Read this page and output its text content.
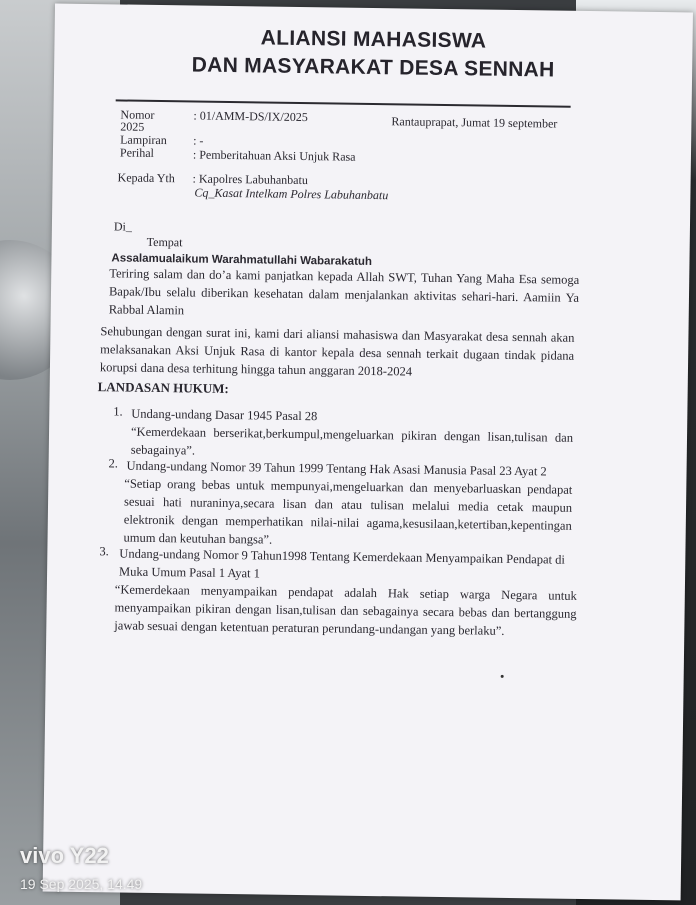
ALIANSI MAHASISWA
DAN MASYARAKAT DESA SENNAH
Nomor	: 01/AMM-DS/IX/2025	Rantauprapat, Jumat 19 september
2025
Lampiran : -
Perihal	: Pemberitahuan Aksi Unjuk Rasa
Kepada Yth : Kapolres Labuhanbatu
Cq_Kasat Intelkam Polres Labuhanbatu
Di_
Tempat
Assalamualaikum Warahmatullahi Wabarakatuh
Teriring salam dan do’a kami panjatkan kepada Allah SWT, Tuhan Yang Maha Esa semoga Bapak/Ibu selalu diberikan kesehatan dalam menjalankan aktivitas sehari-hari. Aamiin Ya Rabbal Alamin
Sehubungan dengan surat ini, kami dari aliansi mahasiswa dan Masyarakat desa sennah akan melaksanakan Aksi Unjuk Rasa di kantor kepala desa sennah terkait dugaan tindak pidana korupsi dana desa terhitung hingga tahun anggaran 2018-2024
LANDASAN HUKUM:
1. Undang-undang Dasar 1945 Pasal 28
“Kemerdekaan berserikat,berkumpul,mengeluarkan pikiran dengan lisan,tulisan dan sebagainya”.
2. Undang-undang Nomor 39 Tahun 1999 Tentang Hak Asasi Manusia Pasal 23 Ayat 2
“Setiap orang bebas untuk mempunyai,mengeluarkan dan menyebarluaskan pendapat sesuai hati nuraninya,secara lisan dan atau tulisan melalui media cetak maupun elektronik dengan memperhatikan nilai-nilai agama,kesusilaan,ketertiban,kepentingan umum dan keutuhan bangsa”.
3. Undang-undang Nomor 9 Tahun1998 Tentang Kemerdekaan Menyampaikan Pendapat di Muka Umum Pasal 1 Ayat 1
“Kemerdekaan menyampaikan pendapat adalah Hak setiap warga Negara untuk menyampaikan pikiran dengan lisan,tulisan dan sebagainya secara bebas dan bertanggung jawab sesuai dengan ketentuan peraturan perundang-undangan yang berlaku”.
vivo Y22
19 Sep 2025, 14.49
